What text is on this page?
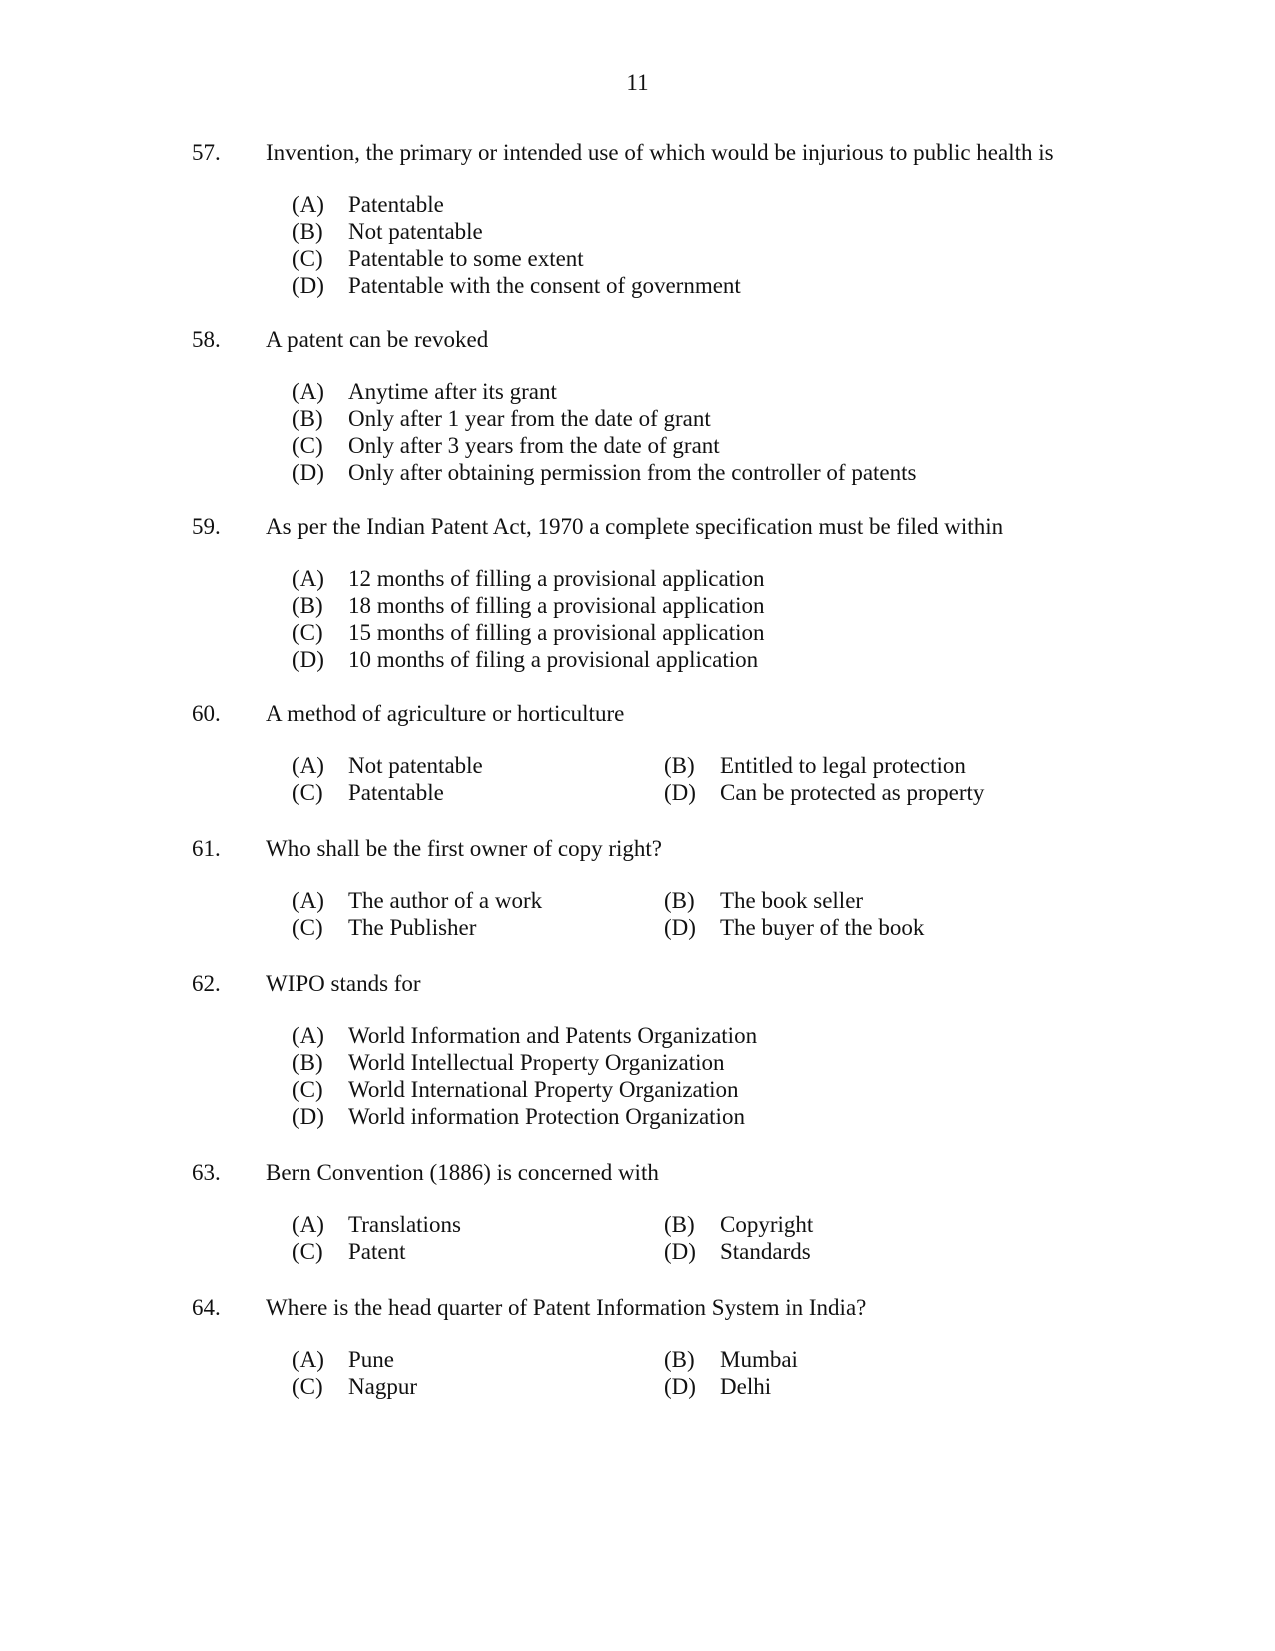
11
57. Invention, the primary or intended use of which would be injurious to public health is
(A) Patentable
(B) Not patentable
(C) Patentable to some extent
(D) Patentable with the consent of government
58. A patent can be revoked
(A) Anytime after its grant
(B) Only after 1 year from the date of grant
(C) Only after 3 years from the date of grant
(D) Only after obtaining permission from the controller of patents
59. As per the Indian Patent Act, 1970 a complete specification must be filed within
(A) 12 months of filling a provisional application
(B) 18 months of filling a provisional application
(C) 15 months of filling a provisional application
(D) 10 months of filing a provisional application
60. A method of agriculture or horticulture
(A) Not patentable	(B) Entitled to legal protection
(C) Patentable	(D) Can be protected as property
61. Who shall be the first owner of copy right?
(A) The author of a work	(B) The book seller
(C) The Publisher	(D) The buyer of the book
62. WIPO stands for
(A) World Information and Patents Organization
(B) World Intellectual Property Organization
(C) World International Property Organization
(D) World information Protection Organization
63. Bern Convention (1886) is concerned with
(A) Translations	(B) Copyright
(C) Patent	(D) Standards
64. Where is the head quarter of Patent Information System in India?
(A) Pune	(B) Mumbai
(C) Nagpur	(D) Delhi
